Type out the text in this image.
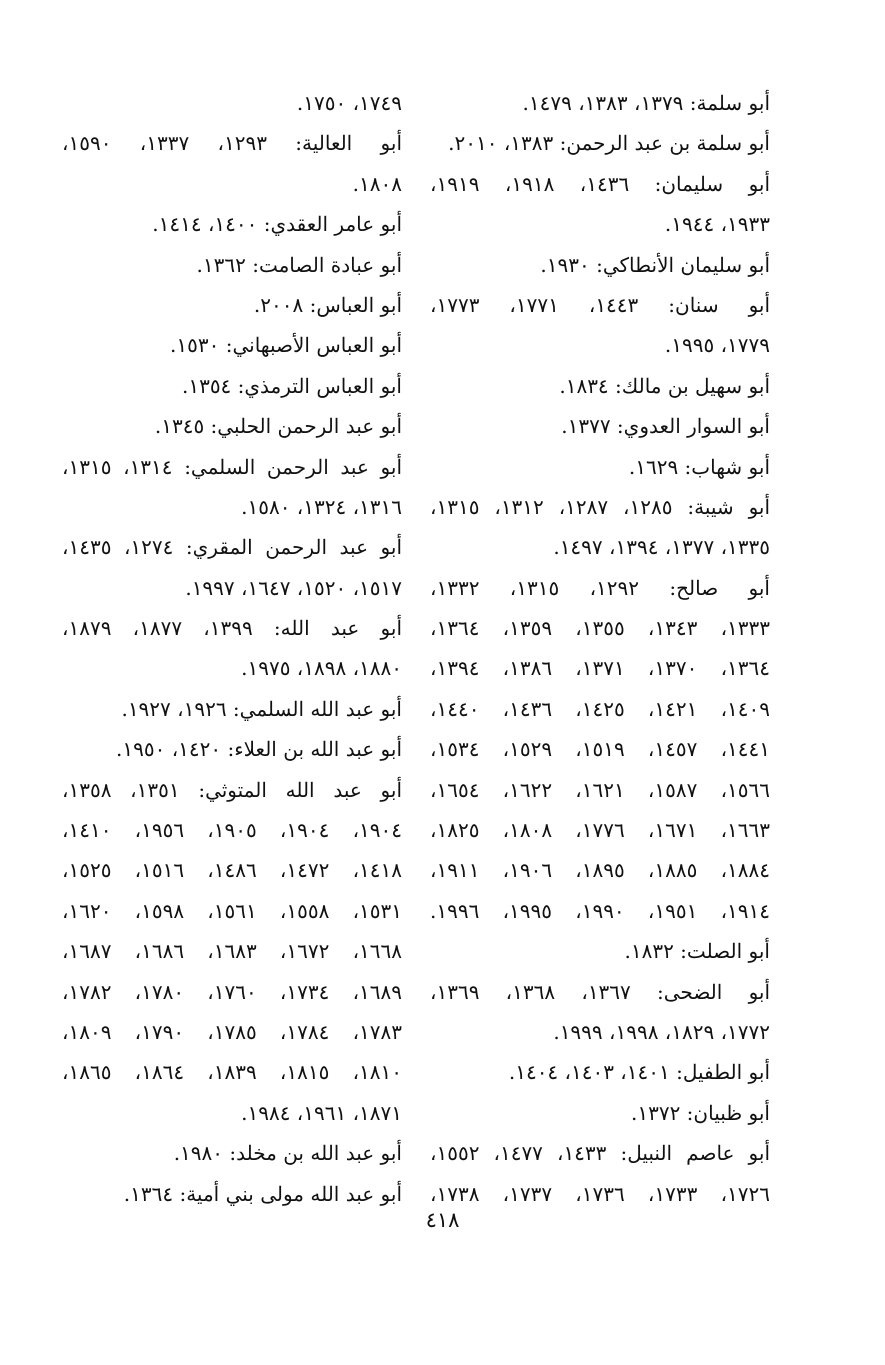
أبو سلمة: ١٣٧٩، ١٣٨٣، ١٤٧٩.
أبو سلمة بن عبد الرحمن: ١٣٨٣، ٢٠١٠.
أبو سليمان: ١٤٣٦، ١٩١٨، ١٩١٩،
١٩٣٣، ١٩٤٤.
أبو سليمان الأنطاكي: ١٩٣٠.
أبو سنان: ١٤٤٣، ١٧٧١، ١٧٧٣،
١٧٧٩، ١٩٩٥.
أبو سهيل بن مالك: ١٨٣٤.
أبو السوار العدوي: ١٣٧٧.
أبو شهاب: ١٦٢٩.
أبو شيبة: ١٢٨٥، ١٢٨٧، ١٣١٢، ١٣١٥،
١٣٣٥، ١٣٧٧، ١٣٩٤، ١٤٩٧.
أبو صالح: ١٢٩٢، ١٣١٥، ١٣٣٢،
١٣٣٣، ١٣٤٣، ١٣٥٥، ١٣٥٩، ١٣٦٤،
١٣٦٤، ١٣٧٠، ١٣٧١، ١٣٨٦، ١٣٩٤،
١٤٠٩، ١٤٢١، ١٤٢٥، ١٤٣٦، ١٤٤٠،
١٤٤١، ١٤٥٧، ١٥١٩، ١٥٢٩، ١٥٣٤،
١٥٦٦، ١٥٨٧، ١٦٢١، ١٦٢٢، ١٦٥٤،
١٦٦٣، ١٦٧١، ١٧٧٦، ١٨٠٨، ١٨٢٥،
١٨٨٤، ١٨٨٥، ١٨٩٥، ١٩٠٦، ١٩١١،
١٩١٤، ١٩٥١، ١٩٩٠، ١٩٩٥، ١٩٩٦.
أبو الصلت: ١٨٣٢.
أبو الضحى: ١٣٦٧، ١٣٦٨، ١٣٦٩،
١٧٧٢، ١٨٢٩، ١٩٩٨، ١٩٩٩.
أبو الطفيل: ١٤٠١، ١٤٠٣، ١٤٠٤.
أبو ظبيان: ١٣٧٢.
أبو عاصم النبيل: ١٤٣٣، ١٤٧٧، ١٥٥٢،
١٧٢٦، ١٧٣٣، ١٧٣٦، ١٧٣٧، ١٧٣٨،
١٧٤٩، ١٧٥٠.
أبو العالية: ١٢٩٣، ١٣٣٧، ١٥٩٠،
١٨٠٨.
أبو عامر العقدي: ١٤٠٠، ١٤١٤.
أبو عبادة الصامت: ١٣٦٢.
أبو العباس: ٢٠٠٨.
أبو العباس الأصبهاني: ١٥٣٠.
أبو العباس الترمذي: ١٣٥٤.
أبو عبد الرحمن الحلبي: ١٣٤٥.
أبو عبد الرحمن السلمي: ١٣١٤، ١٣١٥،
١٣١٦، ١٣٢٤، ١٥٨٠.
أبو عبد الرحمن المقري: ١٢٧٤، ١٤٣٥،
١٥١٧، ١٥٢٠، ١٦٤٧، ١٩٩٧.
أبو عبد الله: ١٣٩٩، ١٨٧٧، ١٨٧٩،
١٨٨٠، ١٨٩٨، ١٩٧٥.
أبو عبد الله السلمي: ١٩٢٦، ١٩٢٧.
أبو عبد الله بن العلاء: ١٤٢٠، ١٩٥٠.
أبو عبد الله المتوثي: ١٣٥١، ١٣٥٨،
١٩٠٤، ١٩٠٤، ١٩٠٥، ١٩٥٦، ١٤١٠،
١٤١٨، ١٤٧٢، ١٤٨٦، ١٥١٦، ١٥٢٥،
١٥٣١، ١٥٥٨، ١٥٦١، ١٥٩٨، ١٦٢٠،
١٦٦٨، ١٦٧٢، ١٦٨٣، ١٦٨٦، ١٦٨٧،
١٦٨٩، ١٧٣٤، ١٧٦٠، ١٧٨٠، ١٧٨٢،
١٧٨٣، ١٧٨٤، ١٧٨٥، ١٧٩٠، ١٨٠٩،
١٨١٠، ١٨١٥، ١٨٣٩، ١٨٦٤، ١٨٦٥،
١٨٧١، ١٩٦١، ١٩٨٤.
أبو عبد الله بن مخلد: ١٩٨٠.
أبو عبد الله مولى بني أمية: ١٣٦٤.
٤١٨
